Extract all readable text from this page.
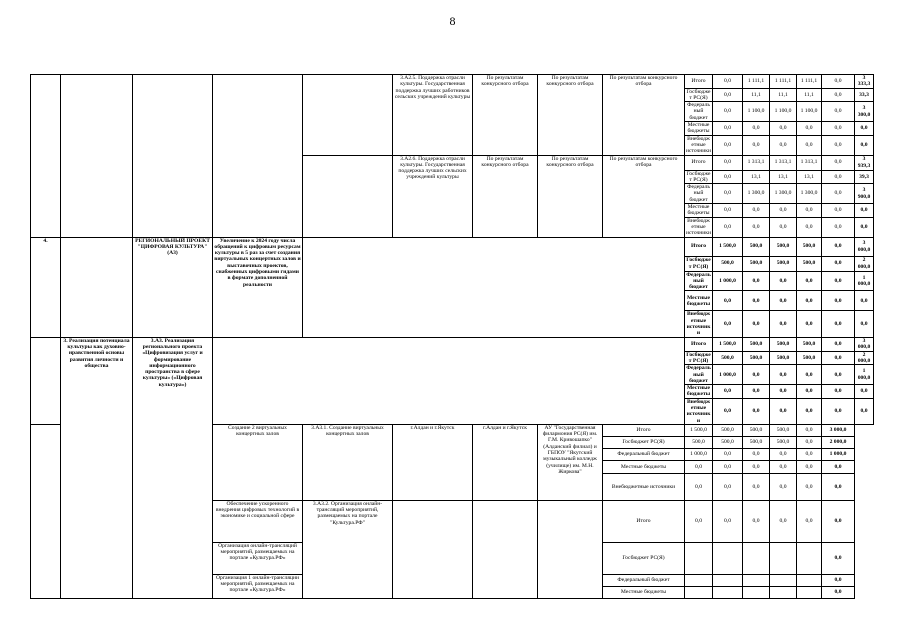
8
					3.А2.5. Поддержка отрасли культуры. Государственная поддержка лучших работников сельских учреждений культуры	По результатам конкурсного отбора	По результатам конкурсного отбора	По результатам конкурсного отбора	Итого	0,0	1 111,1	1 111,1	1 111,1	0,0	3 333,3
									Госбюджет РС(Я)	0,0	11,1	11,1	11,1	0,0	33,3
									Федеральный бюджет	0,0	1 100,0	1 100,0	1 100,0	0,0	3 300,0
									Местные бюджеты	0,0	0,0	0,0	0,0	0,0	0,0
									Внебюджетные источники	0,0	0,0	0,0	0,0	0,0	0,0
					3.А2.6. Поддержка отрасли культуры. Государственная поддержка лучших сельских учреждений культуры	По результатам конкурсного отбора	По результатам конкурсного отбора	По результатам конкурсного отбора	Итого	0,0	1 313,1	1 313,1	1 313,1	0,0	3 939,3
									Госбюджет РС(Я)	0,0	13,1	13,1	13,1	0,0	39,3
									Федеральный бюджет	0,0	1 300,0	1 300,0	1 300,0	0,0	3 900,0
									Местные бюджеты	0,0	0,0	0,0	0,0	0,0	0,0
									Внебюджетные источники	0,0	0,0	0,0	0,0	0,0	0,0
4.		РЕГИОНАЛЬНЫЙ ПРОЕКТ "ЦИФРОВАЯ КУЛЬТУРА" (А3)	Увеличение к 2024 году числа обращений к цифровым ресурсам культуры в 5 раз за счет создания виртуальных концертных залов и выставочных проектов, снабженных цифровыми гидами в формате дополненной реальности						Итого	1 500,0	500,0	500,0	500,0	0,0	3 000,0
									Госбюджет РС(Я)	500,0	500,0	500,0	500,0	0,0	2 000,0
									Федеральный бюджет	1 000,0	0,0	0,0	0,0	0,0	1 000,0
									Местные бюджеты	0,0	0,0	0,0	0,0	0,0	0,0
									Внебюджетные источники	0,0	0,0	0,0	0,0	0,0	0,0
	3. Реализация потенциала культуры как духовно-нравственной основы развития личности и общества	3.А3. Реализация регионального проекта «Цифровизация услуг и формирование информационного пространства в сфере культуры» («Цифровая культура»)							Итого	1 500,0	500,0	500,0	500,0	0,0	3 000,0
									Госбюджет РС(Я)	500,0	500,0	500,0	500,0	0,0	2 000,0
									Федеральный бюджет	1 000,0	0,0	0,0	0,0	0,0	1 000,0
									Местные бюджеты	0,0	0,0	0,0	0,0	0,0	0,0
									Внебюджетные источники	0,0	0,0	0,0	0,0	0,0	0,0
			Создание 2 виртуальных концертных залов	3.А3.1. Создание виртуальных концертных залов	г.Алдан и г.Якутск	г.Алдан и г.Якутск	АУ "Государственная филармония РС(Я) им. Г.М. Кривошапко" (Алданский филиал) и ГБПОУ "Якутский музыкальный колледж (училище) им. М.Н. Жиркова"	Итого	1 500,0	500,0	500,0	500,0	0,0	3 000,0	
								Госбюджет РС(Я)	500,0	500,0	500,0	500,0	0,0	2 000,0	
								Федеральный бюджет	1 000,0	0,0	0,0	0,0	0,0	1 000,0	
								Местные бюджеты	0,0	0,0	0,0	0,0	0,0	0,0	
								Внебюджетные источники	0,0	0,0	0,0	0,0	0,0	0,0	
			Обеспечение ускоренного внедрения цифровых технологий в экономике и социальной сфере	3.А3.2. Организация онлайн-трансляций мероприятий, размещаемых на портале "Культура.РФ"				Итого	0,0	0,0	0,0	0,0	0,0	0,0	
			Организация онлайн-трансляций мероприятий, размещаемых на портале «Культура.РФ»					Госбюджет РС(Я)						0,0	
			Организация 1 онлайн-трансляции мероприятий, размещаемых на портале «Культура.РФ»					Федеральный бюджет						0,0	
								Местные бюджеты						0,0	
